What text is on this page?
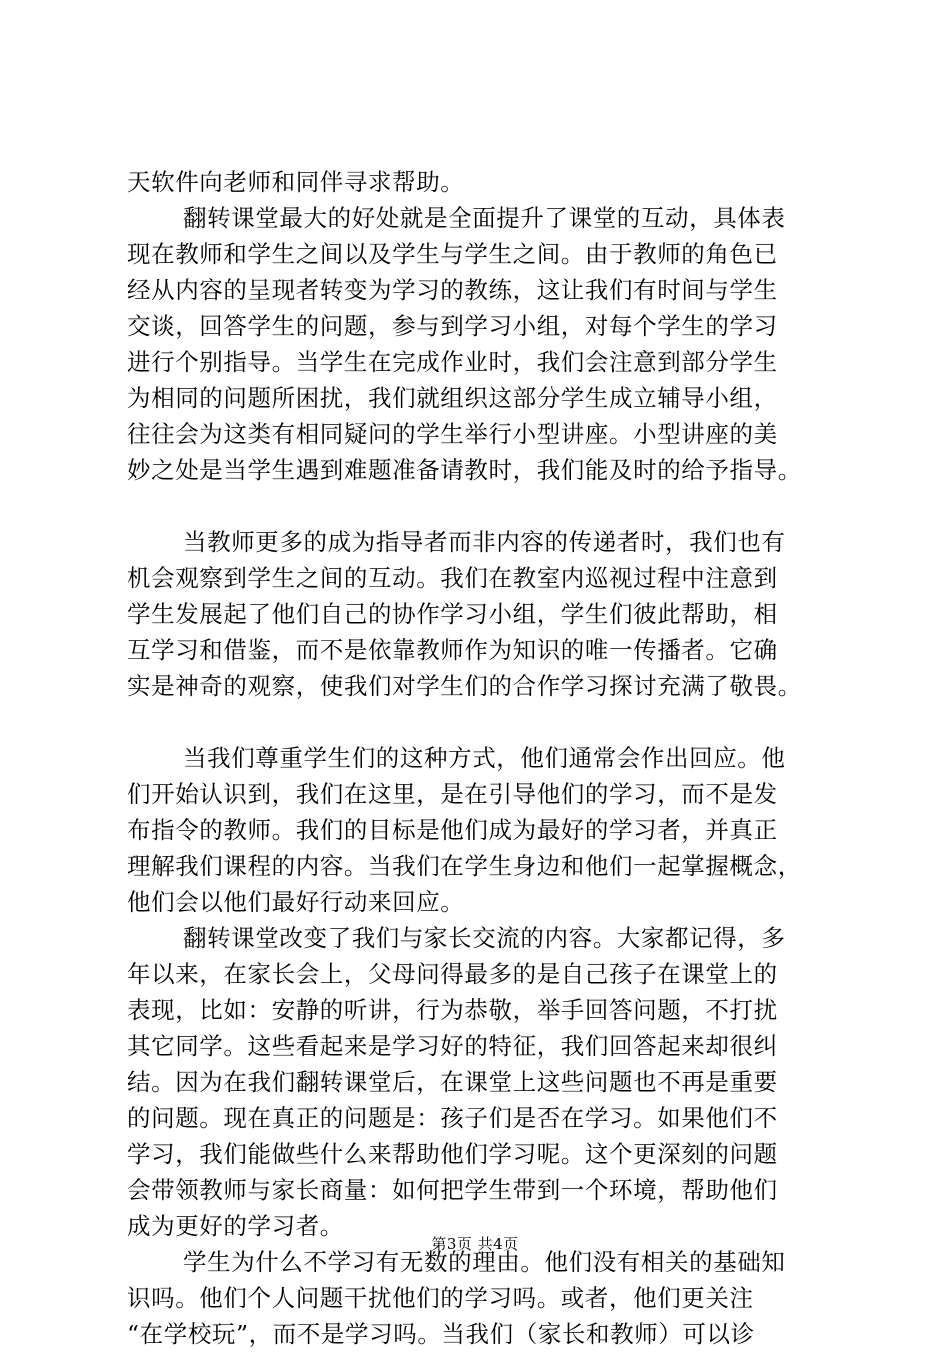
天软件向老师和同伴寻求帮助。
翻转课堂最大的好处就是全面提升了课堂的互动，具体表
现在教师和学生之间以及学生与学生之间。由于教师的角色已
经从内容的呈现者转变为学习的教练，这让我们有时间与学生
交谈，回答学生的问题，参与到学习小组，对每个学生的学习
进行个别指导。当学生在完成作业时，我们会注意到部分学生
为相同的问题所困扰，我们就组织这部分学生成立辅导小组，
往往会为这类有相同疑问的学生举行小型讲座。小型讲座的美
妙之处是当学生遇到难题准备请教时，我们能及时的给予指导。
当教师更多的成为指导者而非内容的传递者时，我们也有
机会观察到学生之间的互动。我们在教室内巡视过程中注意到
学生发展起了他们自己的协作学习小组，学生们彼此帮助，相
互学习和借鉴，而不是依靠教师作为知识的唯一传播者。它确
实是神奇的观察，使我们对学生们的合作学习探讨充满了敬畏。
当我们尊重学生们的这种方式，他们通常会作出回应。他
们开始认识到，我们在这里，是在引导他们的学习，而不是发
布指令的教师。我们的目标是他们成为最好的学习者，并真正
理解我们课程的内容。当我们在学生身边和他们一起掌握概念，
他们会以他们最好行动来回应。
翻转课堂改变了我们与家长交流的内容。大家都记得，多
年以来，在家长会上，父母问得最多的是自己孩子在课堂上的
表现，比如：安静的听讲，行为恭敬，举手回答问题，不打扰
其它同学。这些看起来是学习好的特征，我们回答起来却很纠
结。因为在我们翻转课堂后，在课堂上这些问题也不再是重要
的问题。现在真正的问题是：孩子们是否在学习。如果他们不
学习，我们能做些什么来帮助他们学习呢。这个更深刻的问题
会带领教师与家长商量：如何把学生带到一个环境，帮助他们
成为更好的学习者。
学生为什么不学习有无数的理由。他们没有相关的基础知
识吗。他们个人问题干扰他们的学习吗。或者，他们更关注
“在学校玩”，而不是学习吗。当我们（家长和教师）可以诊
第3页 共4页
